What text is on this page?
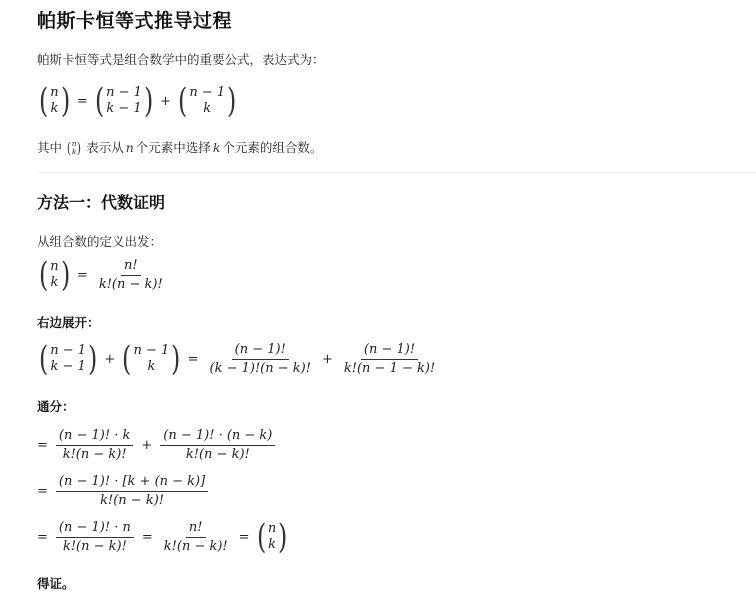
帕斯卡恒等式推导过程
帕斯卡恒等式是组合数学中的重要公式，表达式为：
( n
k ) = ( n − 1
k − 1 ) + ( n − 1
k )
其中 ( n
k ) 表示从 n 个元素中选择 k 个元素的组合数。
方法一：代数证明
从组合数的定义出发：
( n
k ) = $\frac{n!}{k!(n - k)!}$
右边展开：
( n − 1
k − 1 ) + ( n − 1
k ) = $\frac{(n - 1)!}{(k - 1)!(n - k)!} + \frac{(n - 1)!}{k!(n - 1 - k)!}$
通分：
= $\frac{(n - 1)! \cdot k}{k!(n - k)!} + \frac{(n - 1)! \cdot (n - k)}{k!(n - k)!}$
= $\frac{(n - 1)! \cdot [k + (n - k)]}{k!(n - k)!}$
= $\frac{(n - 1)! \cdot n}{k!(n - k)!} = \frac{n!}{k!(n - k)!}$ = ( n
k )
得证。
